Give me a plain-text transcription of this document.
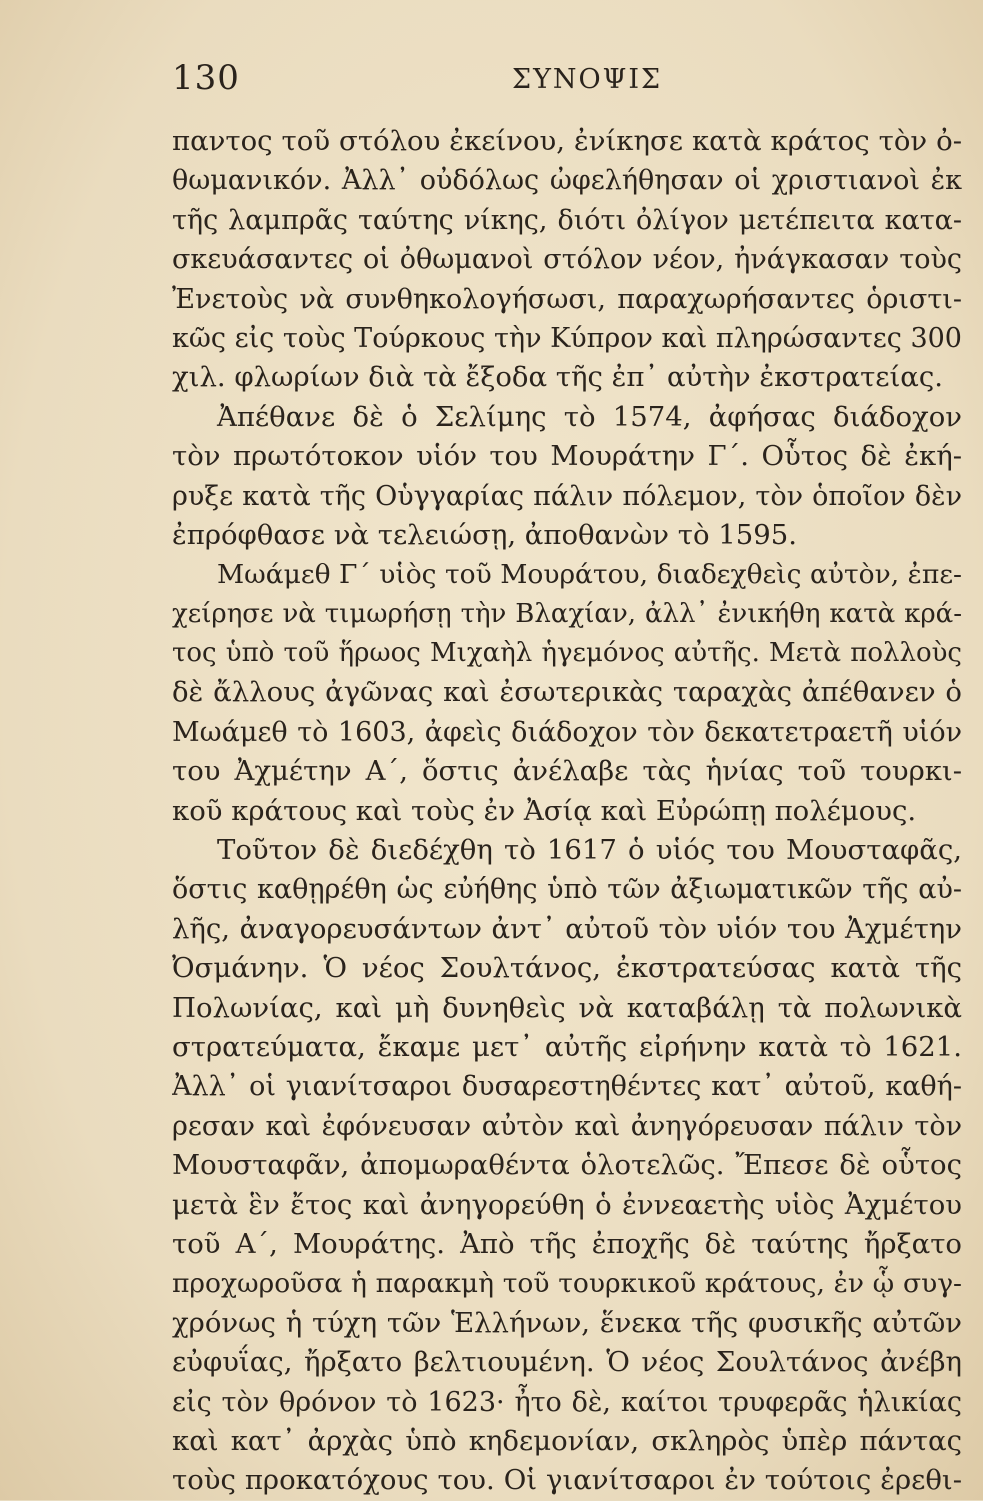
130	ΣΥΝΟΨΙΣ
παντος τοῦ στόλου ἐκείνου, ἐνίκησε κατὰ κράτος τὸν ὀ-
θωμανικόν. Ἀλλ᾽ οὐδόλως ὠφελήθησαν οἱ χριστιανοὶ ἐκ
τῆς λαμπρᾶς ταύτης νίκης, διότι ὀλίγον μετέπειτα κατα-
σκευάσαντες οἱ ὀθωμανοὶ στόλον νέον, ἠνάγκασαν τοὺς
Ἐνετοὺς νὰ συνθηκολογήσωσι, παραχωρήσαντες ὁριστι-
κῶς εἰς τοὺς Τούρκους τὴν Κύπρον καὶ πληρώσαντες 300
χιλ. φλωρίων διὰ τὰ ἔξοδα τῆς ἐπ᾽ αὐτὴν ἐκστρατείας.
Ἀπέθανε δὲ ὁ Σελίμης τὸ 1574, ἀφήσας διάδοχον
τὸν πρωτότοκον υἱόν του Μουράτην Γ΄. Οὗτος δὲ ἐκή-
ρυξε κατὰ τῆς Οὑγγαρίας πάλιν πόλεμον, τὸν ὁποῖον δὲν
ἐπρόφθασε νὰ τελειώσῃ, ἀποθανὼν τὸ 1595.
Μωάμεθ Γ΄ υἱὸς τοῦ Μουράτου, διαδεχθεὶς αὐτὸν, ἐπε-
χείρησε νὰ τιμωρήσῃ τὴν Βλαχίαν, ἀλλ᾽ ἐνικήθη κατὰ κρά-
τος ὑπὸ τοῦ ἥρωος Μιχαὴλ ἡγεμόνος αὐτῆς. Μετὰ πολλοὺς
δὲ ἄλλους ἀγῶνας καὶ ἐσωτερικὰς ταραχὰς ἀπέθανεν ὁ
Μωάμεθ τὸ 1603, ἀφεὶς διάδοχον τὸν δεκατετραετῆ υἱόν
του Ἀχμέτην Α΄, ὅστις ἀνέλαβε τὰς ἡνίας τοῦ τουρκι-
κοῦ κράτους καὶ τοὺς ἐν Ἀσίᾳ καὶ Εὐρώπῃ πολέμους.
Τοῦτον δὲ διεδέχθη τὸ 1617 ὁ υἱός του Μουσταφᾶς,
ὅστις καθῃρέθη ὡς εὐήθης ὑπὸ τῶν ἀξιωματικῶν τῆς αὐ-
λῆς, ἀναγορευσάντων ἀντ᾽ αὐτοῦ τὸν υἱόν του Ἀχμέτην
Ὀσμάνην. Ὁ νέος Σουλτάνος, ἐκστρατεύσας κατὰ τῆς
Πολωνίας, καὶ μὴ δυνηθεὶς νὰ καταβάλῃ τὰ πολωνικὰ
στρατεύματα, ἔκαμε μετ᾽ αὐτῆς εἰρήνην κατὰ τὸ 1621.
Ἀλλ᾽ οἱ γιανίτσαροι δυσαρεστηθέντες κατ᾽ αὐτοῦ, καθή-
ρεσαν καὶ ἐφόνευσαν αὐτὸν καὶ ἀνηγόρευσαν πάλιν τὸν
Μουσταφᾶν, ἀπομωραθέντα ὁλοτελῶς. Ἔπεσε δὲ οὗτος
μετὰ ἓν ἔτος καὶ ἀνηγορεύθη ὁ ἐννεαετὴς υἱὸς Ἀχμέτου
τοῦ Α΄, Μουράτης. Ἀπὸ τῆς ἐποχῆς δὲ ταύτης ἤρξατο
προχωροῦσα ἡ παρακμὴ τοῦ τουρκικοῦ κράτους, ἐν ᾧ συγ-
χρόνως ἡ τύχη τῶν Ἑλλήνων, ἕνεκα τῆς φυσικῆς αὐτῶν
εὐφυΐας, ἤρξατο βελτιουμένη. Ὁ νέος Σουλτάνος ἀνέβη
εἰς τὸν θρόνον τὸ 1623· ἦτο δὲ, καίτοι τρυφερᾶς ἡλικίας
καὶ κατ᾽ ἀρχὰς ὑπὸ κηδεμονίαν, σκληρὸς ὑπὲρ πάντας
τοὺς προκατόχους του. Οἱ γιανίτσαροι ἐν τούτοις ἐρεθι-
